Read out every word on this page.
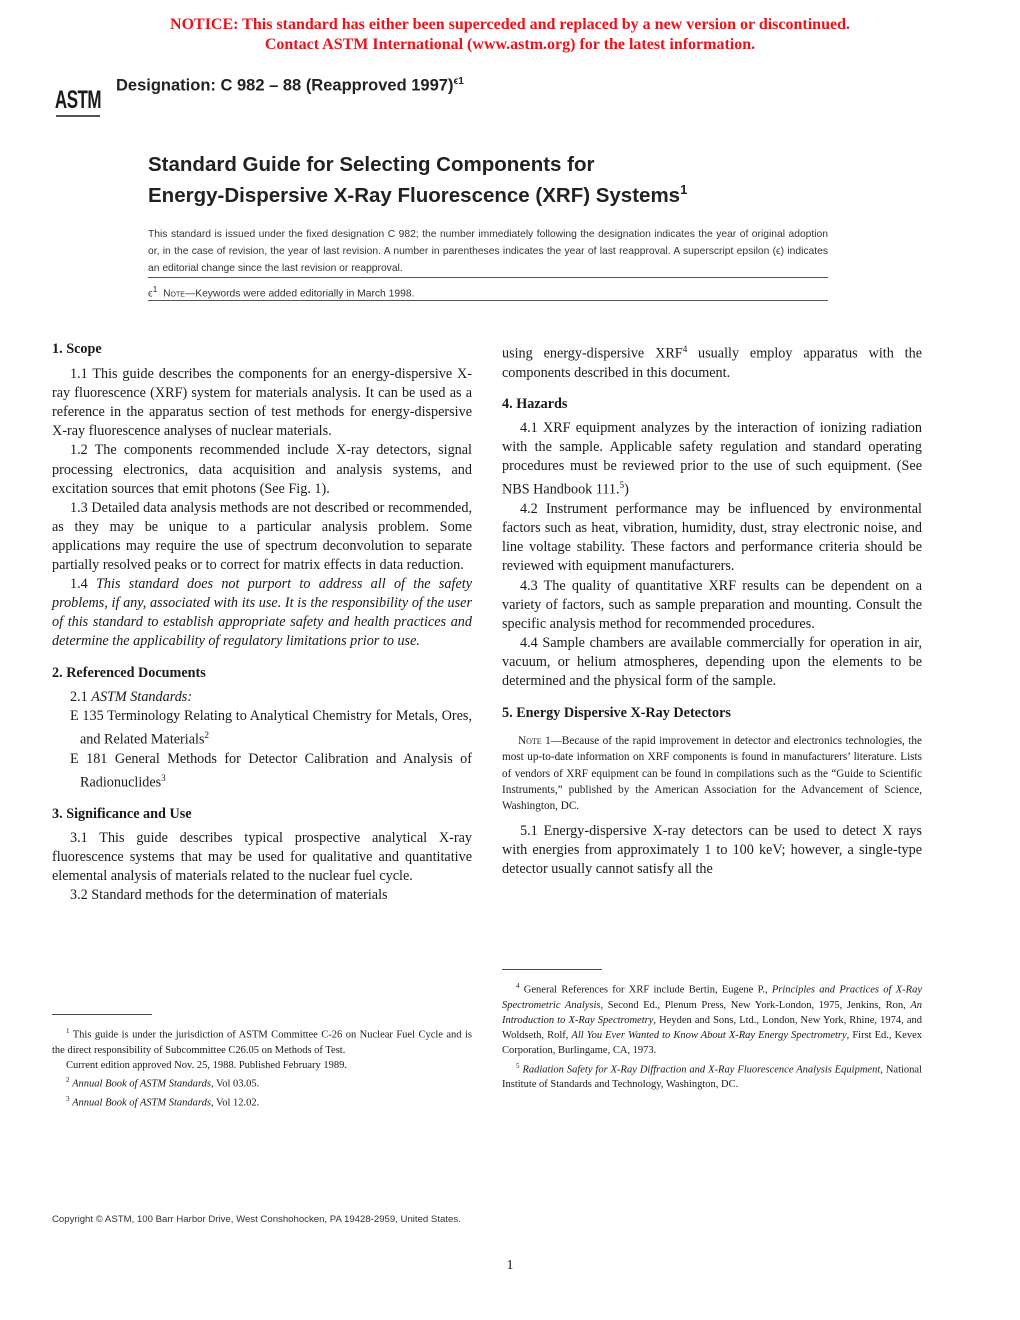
NOTICE: This standard has either been superceded and replaced by a new version or discontinued.
Contact ASTM International (www.astm.org) for the latest information.
ASTM
Designation: C 982 – 88 (Reapproved 1997)$^{\epsilon 1}$
Standard Guide for Selecting Components for
Energy-Dispersive X-Ray Fluorescence (XRF) Systems$^1$
This standard is issued under the fixed designation C 982; the number immediately following the designation indicates the year of original adoption or, in the case of revision, the year of last revision. A number in parentheses indicates the year of last reapproval. A superscript epsilon (ϵ) indicates an editorial change since the last revision or reapproval.
$\epsilon^1$ Note—Keywords were added editorially in March 1998.

1. Scope

1.1 This guide describes the components for an energy-dispersive X-ray fluorescence (XRF) system for materials analysis. It can be used as a reference in the apparatus section of test methods for energy-dispersive X-ray fluorescence analyses of nuclear materials.

1.2 The components recommended include X-ray detectors, signal processing electronics, data acquisition and analysis systems, and excitation sources that emit photons (See Fig. 1).

1.3 Detailed data analysis methods are not described or recommended, as they may be unique to a particular analysis problem. Some applications may require the use of spectrum deconvolution to separate partially resolved peaks or to correct for matrix effects in data reduction.

1.4 This standard does not purport to address all of the safety problems, if any, associated with its use. It is the responsibility of the user of this standard to establish appropriate safety and health practices and determine the applicability of regulatory limitations prior to use.

2. Referenced Documents

2.1 ASTM Standards:

E 135 Terminology Relating to Analytical Chemistry for Metals, Ores, and Related Materials$^2$

E 181 General Methods for Detector Calibration and Analysis of Radionuclides$^3$

3. Significance and Use

3.1 This guide describes typical prospective analytical X-ray fluorescence systems that may be used for qualitative and quantitative elemental analysis of materials related to the nuclear fuel cycle.

3.2 Standard methods for the determination of materials

using energy-dispersive XRF$^4$ usually employ apparatus with the components described in this document.

4. Hazards

4.1 XRF equipment analyzes by the interaction of ionizing radiation with the sample. Applicable safety regulation and standard operating procedures must be reviewed prior to the use of such equipment. (See NBS Handbook 111.$^5$)

4.2 Instrument performance may be influenced by environmental factors such as heat, vibration, humidity, dust, stray electronic noise, and line voltage stability. These factors and performance criteria should be reviewed with equipment manufacturers.

4.3 The quality of quantitative XRF results can be dependent on a variety of factors, such as sample preparation and mounting. Consult the specific analysis method for recommended procedures.

4.4 Sample chambers are available commercially for operation in air, vacuum, or helium atmospheres, depending upon the elements to be determined and the physical form of the sample.

5. Energy Dispersive X-Ray Detectors

Note 1—Because of the rapid improvement in detector and electronics technologies, the most up-to-date information on XRF components is found in manufacturers’ literature. Lists of vendors of XRF equipment can be found in compilations such as the “Guide to Scientific Instruments,” published by the American Association for the Advancement of Science, Washington, DC.

5.1 Energy-dispersive X-ray detectors can be used to detect X rays with energies from approximately 1 to 100 keV; however, a single-type detector usually cannot satisfy all the

$^1$ This guide is under the jurisdiction of ASTM Committee C-26 on Nuclear Fuel Cycle and is the direct responsibility of Subcommittee C26.05 on Methods of Test.

Current edition approved Nov. 25, 1988. Published February 1989.

$^2$ Annual Book of ASTM Standards, Vol 03.05.

$^3$ Annual Book of ASTM Standards, Vol 12.02.

$^4$ General References for XRF include Bertin, Eugene P., Principles and Practices of X-Ray Spectrometric Analysis, Second Ed., Plenum Press, New York-London, 1975, Jenkins, Ron, An Introduction to X-Ray Spectrometry, Heyden and Sons, Ltd., London, New York, Rhine, 1974, and Woldseth, Rolf, All You Ever Wanted to Know About X-Ray Energy Spectrometry, First Ed., Kevex Corporation, Burlingame, CA, 1973.

$^5$ Radiation Safety for X-Ray Diffraction and X-Ray Fluorescence Analysis Equipment, National Institute of Standards and Technology, Washington, DC.

Copyright © ASTM, 100 Barr Harbor Drive, West Conshohocken, PA 19428-2959, United States.
1
